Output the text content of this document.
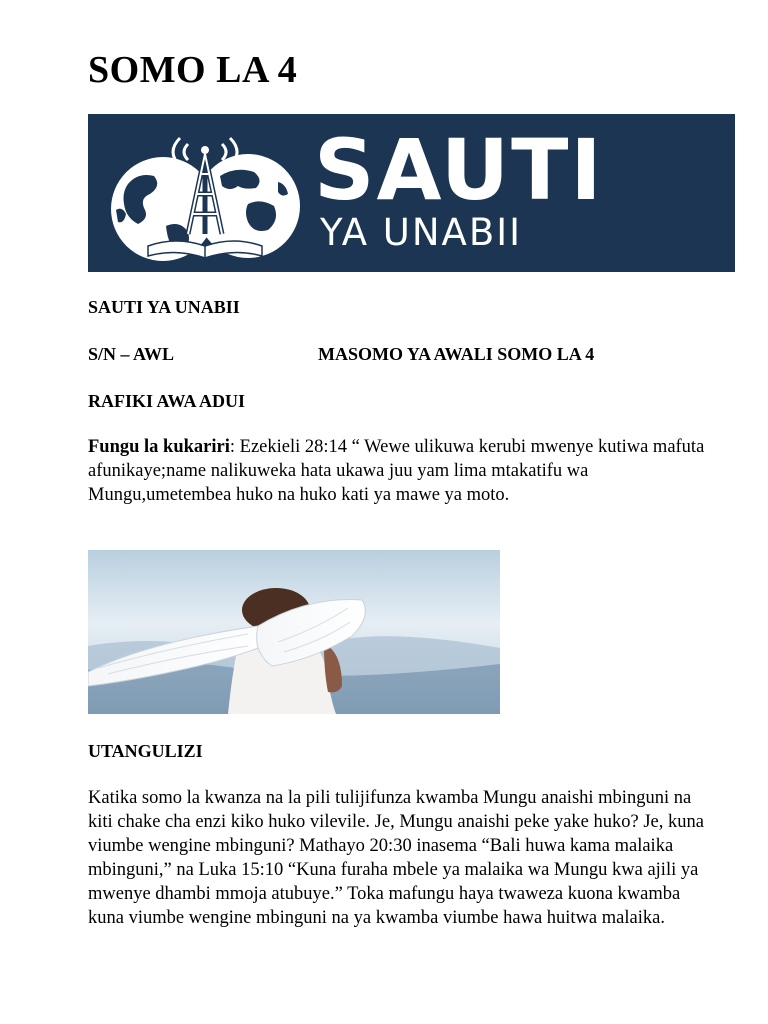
SOMO LA 4
SAUTI
YA UNABII
SAUTI YA UNABII
S/N – AWL	MASOMO YA AWALI SOMO LA 4
RAFIKI AWA ADUI
Fungu la kukariri: Ezekieli 28:14 “ Wewe ulikuwa kerubi mwenye kutiwa mafuta afunikaye;name nalikuweka hata ukawa juu yam lima mtakatifu wa Mungu,umetembea huko na huko kati ya mawe ya moto.
UTANGULIZI
Katika somo la kwanza na la pili tulijifunza kwamba Mungu anaishi mbinguni na kiti chake cha enzi kiko huko vilevile. Je, Mungu anaishi peke yake huko? Je, kuna viumbe wengine mbinguni? Mathayo 20:30 inasema “Bali huwa kama malaika mbinguni,” na Luka 15:10 “Kuna furaha mbele ya malaika wa Mungu kwa ajili ya mwenye dhambi mmoja atubuye.” Toka mafungu haya twaweza kuona kwamba kuna viumbe wengine mbinguni na ya kwamba viumbe hawa huitwa malaika.
